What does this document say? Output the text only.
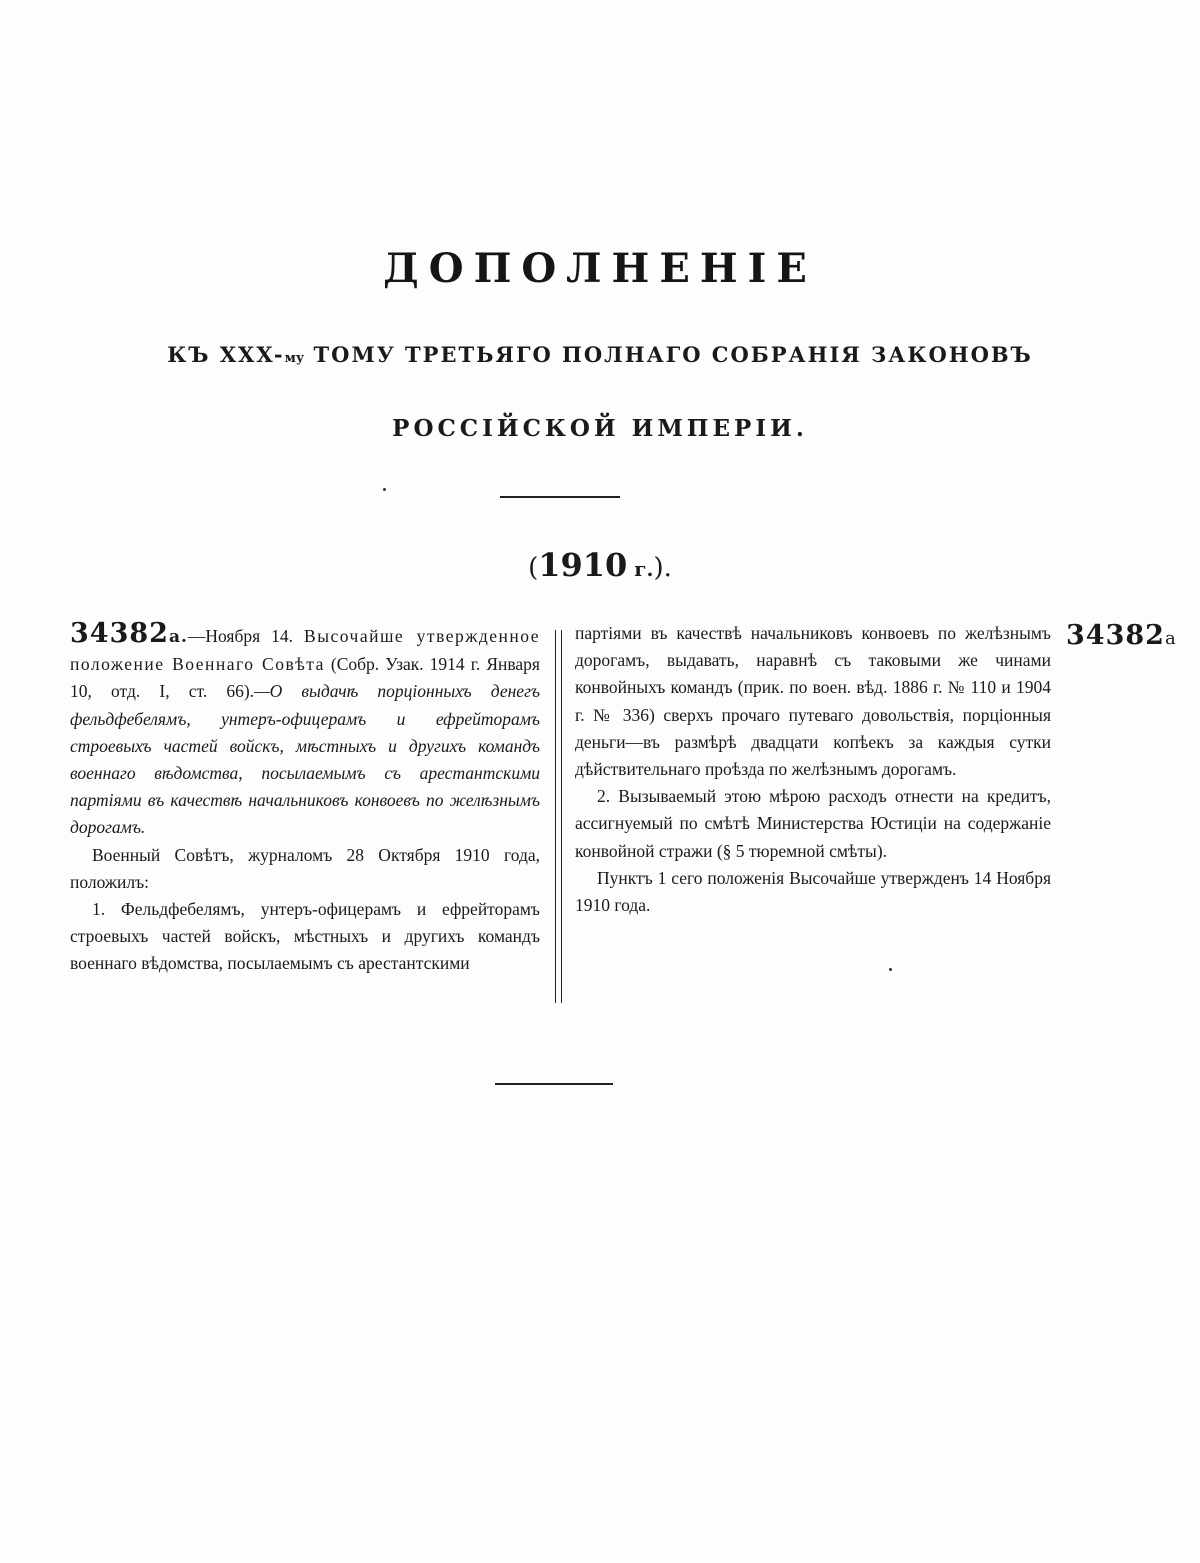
ДОПОЛНЕНІЕ
КЪ XXX-му ТОМУ ТРЕТЬЯГО ПОЛНАГО СОБРАНІЯ ЗАКОНОВЪ
РОССІЙСКОЙ ИМПЕРІИ.
(1910 г.).

34382а.—Ноября 14. Высочайше утвержденное положение Военнаго Совѣта (Собр. Узак. 1914 г. Января 10, отд. I, ст. 66).—О выдачѣ порціонныхъ денегъ фельдфебелямъ, унтеръ-офицерамъ и ефрейторамъ строевыхъ частей войскъ, мѣстныхъ и другихъ командъ военнаго вѣдомства, посылаемымъ съ арестантскими партіями въ качествѣ начальниковъ конвоевъ по желѣзнымъ дорогамъ.

Военный Совѣтъ, журналомъ 28 Октября 1910 года, положилъ:

1. Фельдфебелямъ, унтеръ-офицерамъ и ефрейторамъ строевыхъ частей войскъ, мѣстныхъ и другихъ командъ военнаго вѣдомства, посылаемымъ съ арестантскими

партіями въ качествѣ начальниковъ конвоевъ по желѣзнымъ дорогамъ, выдавать, наравнѣ съ таковыми же чинами конвойныхъ командъ (прик. по воен. вѣд. 1886 г. № 110 и 1904 г. № 336) сверхъ прочаго путеваго довольствія, порціонныя деньги—въ размѣрѣ двадцати копѣекъ за каждыя сутки дѣйствительнаго проѣзда по желѣзнымъ дорогамъ.

2. Вызываемый этою мѣрою расходъ отнести на кредитъ, ассигнуемый по смѣтѣ Министерства Юстиціи на содержаніе конвойной стражи (§ 5 тюремной смѣты).

Пунктъ 1 сего положенія Высочайше утвержденъ 14 Ноября 1910 года.

34382а
